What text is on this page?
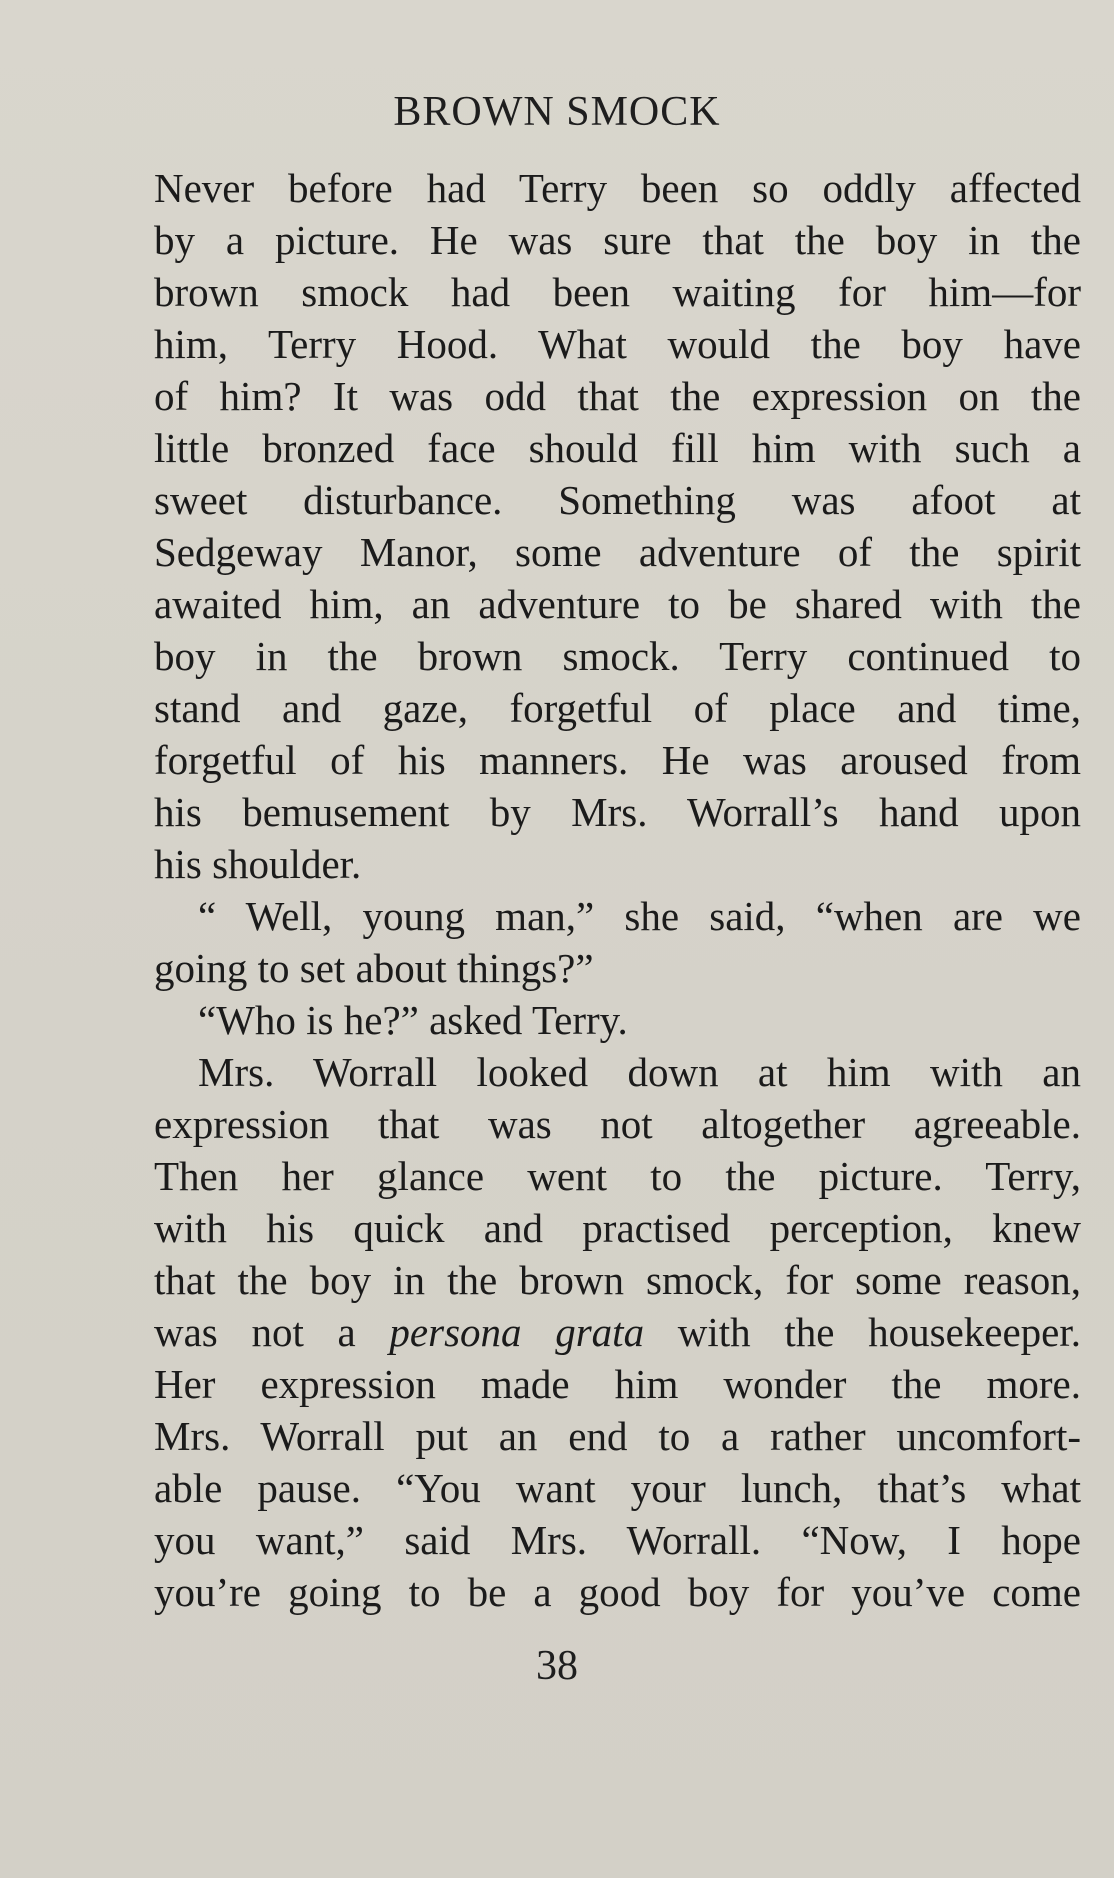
BROWN SMOCK
Never before had Terry been so oddly affected
by a picture. He was sure that the boy in the
brown smock had been waiting for him—for
him, Terry Hood. What would the boy have
of him? It was odd that the expression on the
little bronzed face should fill him with such a
sweet disturbance. Something was afoot at
Sedgeway Manor, some adventure of the spirit
awaited him, an adventure to be shared with the
boy in the brown smock. Terry continued to
stand and gaze, forgetful of place and time,
forgetful of his manners. He was aroused from
his bemusement by Mrs. Worrall’s hand upon
his shoulder.
“ Well, young man,” she said, “when are we
going to set about things?”
“Who is he?” asked Terry.
Mrs. Worrall looked down at him with an
expression that was not altogether agreeable.
Then her glance went to the picture. Terry,
with his quick and practised perception, knew
that the boy in the brown smock, for some reason,
was not a persona grata with the housekeeper.
Her expression made him wonder the more.
Mrs. Worrall put an end to a rather uncomfort-
able pause. “You want your lunch, that’s what
you want,” said Mrs. Worrall. “Now, I hope
you’re going to be a good boy for you’ve come
38
